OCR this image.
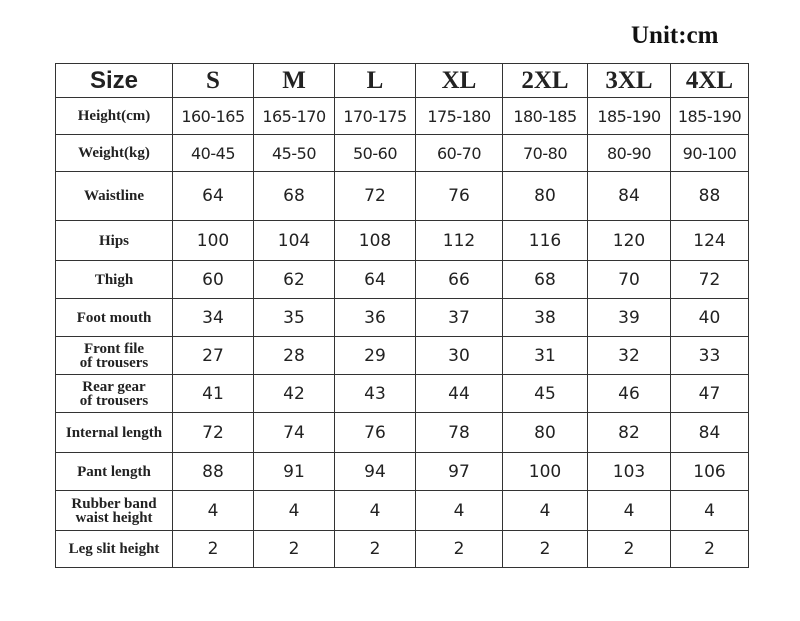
Unit:cm
Size	S	M	L	XL	2XL	3XL	4XL
Height(cm)	160-165	165-170	170-175	175-180	180-185	185-190	185-190
Weight(kg)	40-45	45-50	50-60	60-70	70-80	80-90	90-100
Waistline	64	68	72	76	80	84	88
Hips	100	104	108	112	116	120	124
Thigh	60	62	64	66	68	70	72
Foot mouth	34	35	36	37	38	39	40
Front file
of trousers	27	28	29	30	31	32	33
Rear gear
of trousers	41	42	43	44	45	46	47
Internal length	72	74	76	78	80	82	84
Pant length	88	91	94	97	100	103	106
Rubber band
waist height	4	4	4	4	4	4	4
Leg slit height	2	2	2	2	2	2	2
